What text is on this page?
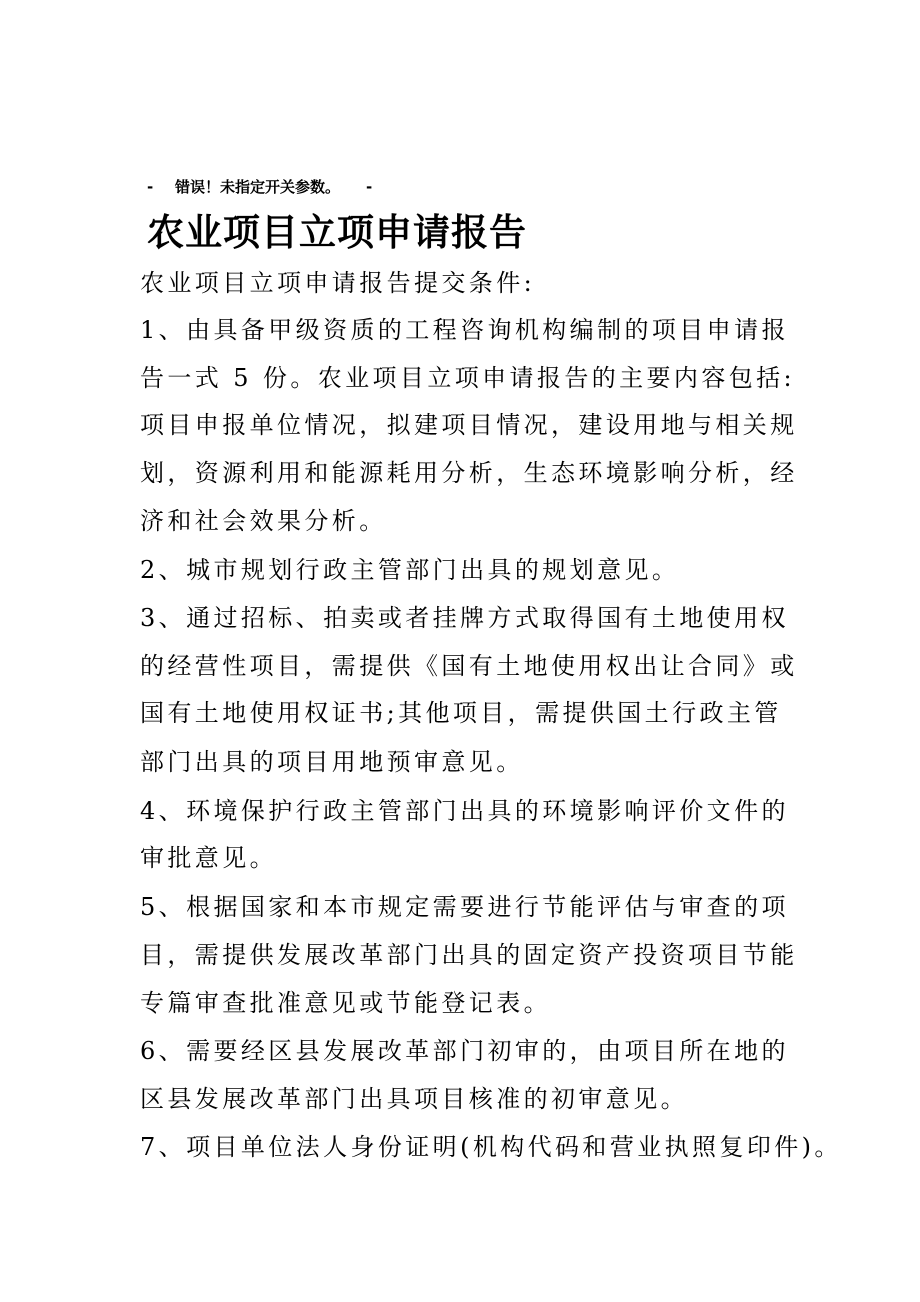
- 错误！未指定开关参数。 -
农业项目立项申请报告
农业项目立项申请报告提交条件:
1、由具备甲级资质的工程咨询机构编制的项目申请报
告一式 5 份。农业项目立项申请报告的主要内容包括:
项目申报单位情况，拟建项目情况，建设用地与相关规
划，资源利用和能源耗用分析，生态环境影响分析，经
济和社会效果分析。
2、城市规划行政主管部门出具的规划意见。
3、通过招标、拍卖或者挂牌方式取得国有土地使用权
的经营性项目，需提供《国有土地使用权出让合同》或
国有土地使用权证书;其他项目，需提供国土行政主管
部门出具的项目用地预审意见。
4、环境保护行政主管部门出具的环境影响评价文件的
审批意见。
5、根据国家和本市规定需要进行节能评估与审查的项
目，需提供发展改革部门出具的固定资产投资项目节能
专篇审查批准意见或节能登记表。
6、需要经区县发展改革部门初审的，由项目所在地的
区县发展改革部门出具项目核准的初审意见。
7、项目单位法人身份证明(机构代码和营业执照复印件)。
